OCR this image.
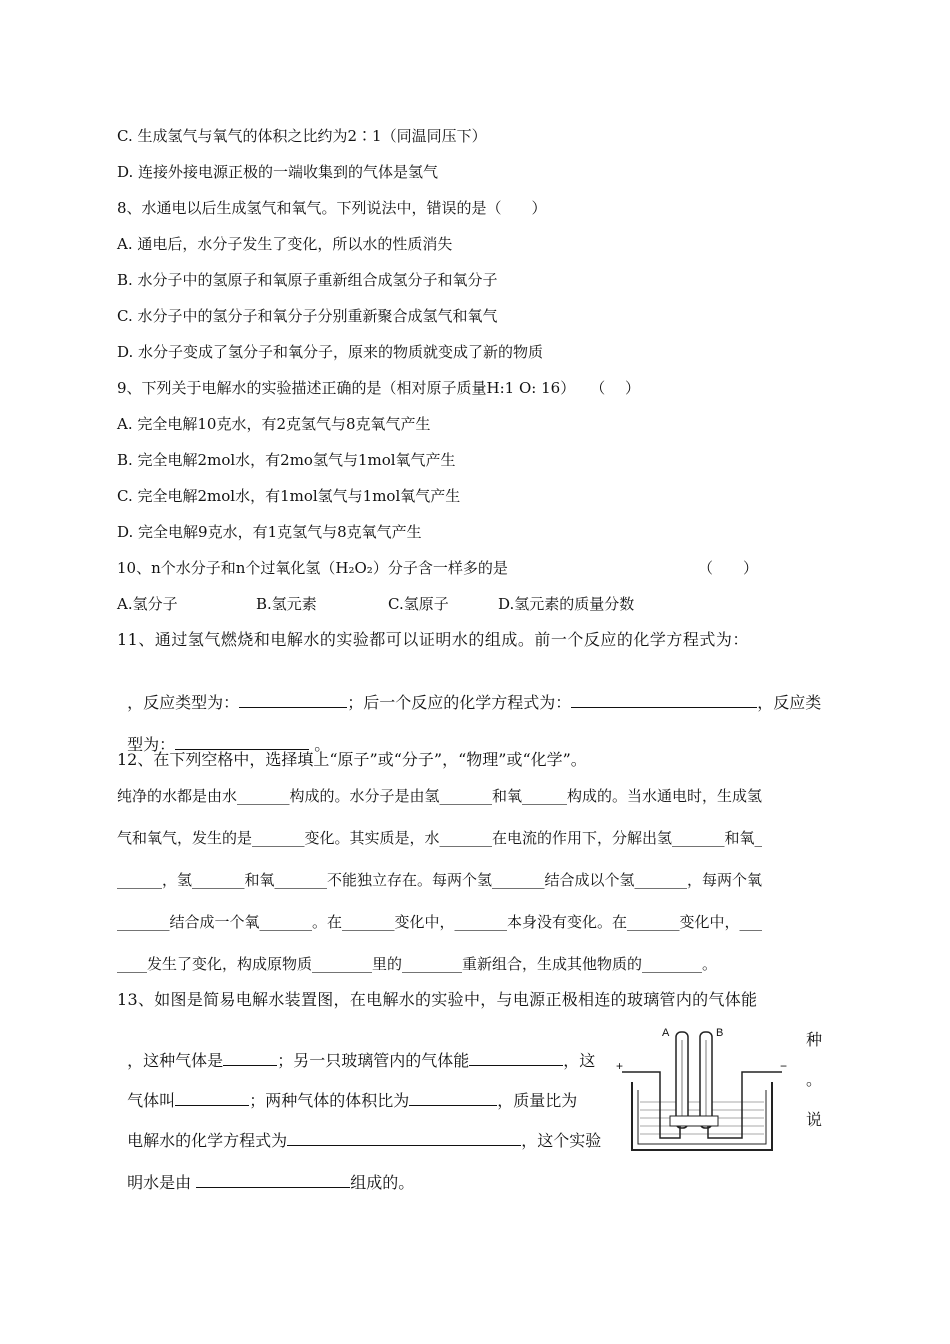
C. 生成氢气与氧气的体积之比约为2∶1（同温同压下）
D. 连接外接电源正极的一端收集到的气体是氢气
8、水通电以后生成氢气和氧气。下列说法中，错误的是（　　）
A. 通电后，水分子发生了变化，所以水的性质消失
B. 水分子中的氢原子和氧原子重新组合成氢分子和氧分子
C. 水分子中的氢分子和氧分子分别重新聚合成氢气和氧气
D. 水分子变成了氢分子和氧分子，原来的物质就变成了新的物质
9、下列关于电解水的实验描述正确的是（相对原子质量H:1 O: 16）　　（　 ）
A. 完全电解10克水，有2克氢气与8克氧气产生
B. 完全电解2mol水，有2mo氢气与1mol氧气产生
C. 完全电解2mol水，有1mol氢气与1mol氧气产生
D. 完全电解9克水，有1克氢气与8克氧气产生
10、n个水分子和n个过氧化氢（H₂O₂）分子含一样多的是	（　　）
A.氢分子	B.氢元素	C.氢原子	D.氢元素的质量分数
11、通过氢气燃烧和电解水的实验都可以证明水的组成。前一个反应的化学方程式为：

，反应类型为：	；后一个反应的化学方程式为：	，反应类

型为：	。

12、在下列空格中，选择填上“原子”或“分子”，“物理”或“化学”。
纯净的水都是由水_______构成的。水分子是由氢_______和氧______构成的。当水通电时，生成氢
气和氧气，发生的是_______变化。其实质是，水_______在电流的作用下，分解出氢_______和氧_
______，氢_______和氧_______不能独立存在。每两个氢_______结合成以个氢_______，每两个氧
_______结合成一个氧_______。在_______变化中，_______本身没有变化。在_______变化中，___
____发生了变化，构成原物质________里的________重新组合，生成其他物质的________。
13、如图是简易电解水装置图，在电解水的实验中，与电源正极相连的玻璃管内的气体能

，这种气体是	；另一只玻璃管内的气体能	，这

种

气体叫	；两种气体的体积比为	，质量比为

。

电解水的化学方程式为	，这个实验

说

明水是由	组成的。

A	B
+	−
